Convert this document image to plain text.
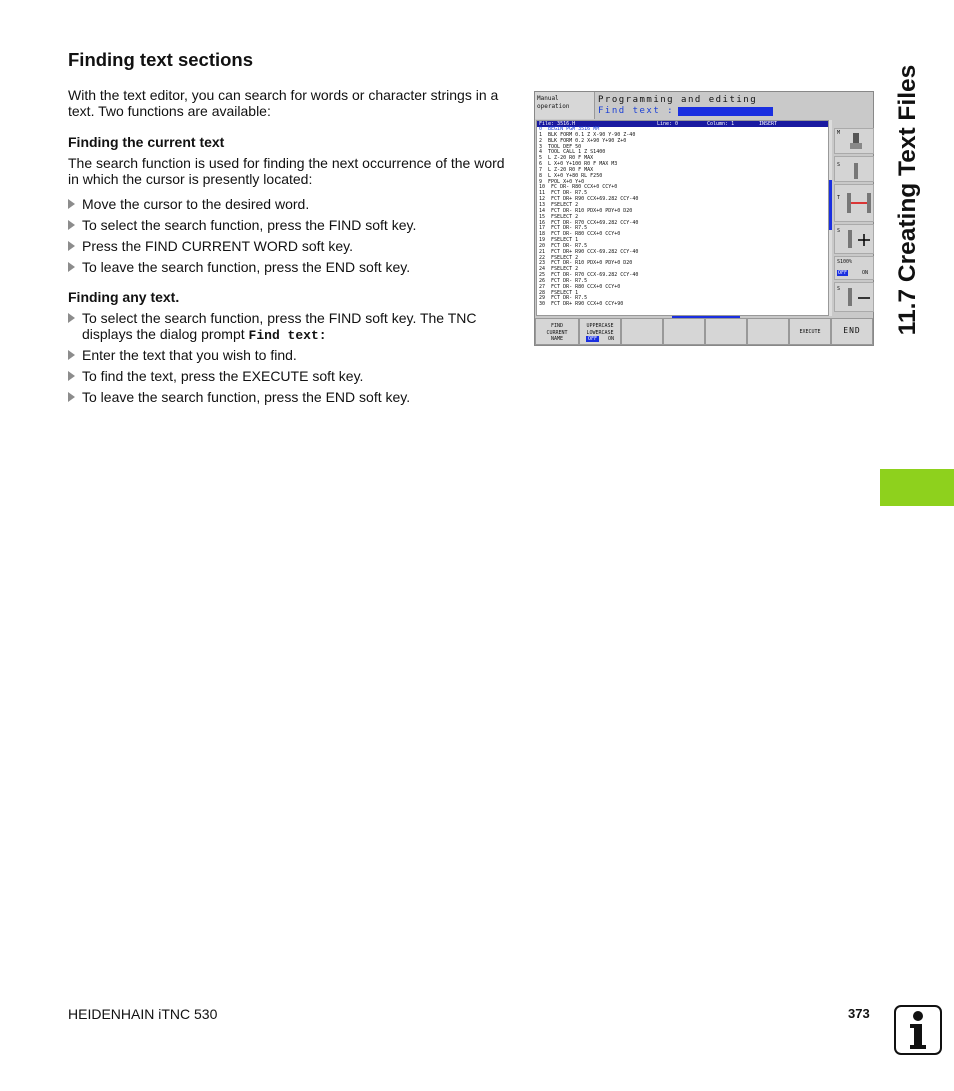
Finding text sections

With the text editor, you can search for words or character strings in a text. Two functions are available:

Finding the current text

The search function is used for finding the next occurrence of the word in which the cursor is presently located:

Move the cursor to the desired word.
To select the search function, press the FIND soft key.
Press the FIND CURRENT WORD soft key.
To leave the search function, press the END soft key.
Finding any text.
To select the search function, press the FIND soft key. The TNC displays the dialog prompt Find text:
Enter the text that you wish to find.
To find the text, press the EXECUTE soft key.
To leave the search function, press the END soft key.
Manual
operation
Programming and editing
Find text :
File: 3516.H	Line: 0	Column: 1	INSERT
0  BEGIN PGM 3516 MM
1  BLK FORM 0.1 Z X-90 Y-90 Z-40
2  BLK FORM 0.2 X+90 Y+90 Z+0
3  TOOL DEF 50
4  TOOL CALL 1 Z S1400
5  L Z-20 R0 F MAX
6  L X+0 Y+100 R0 F MAX M3
7  L Z-20 R0 F MAX
8  L X+0 Y+80 RL F250
9  FPOL X+0 Y+0
10  FC DR- R80 CCX+0 CCY+0
11  FCT DR- R7.5
12  FCT DR+ R90 CCX+69.282 CCY-40
13  FSELECT 2
14  FCT DR- R10 PDX+0 PDY+0 D20
15  FSELECT 2
16  FCT DR- R70 CCX+69.282 CCY-40
17  FCT DR- R7.5
18  FCT DR- R80 CCX+0 CCY+0
19  FSELECT 1
20  FCT DR- R7.5
21  FCT DR+ R90 CCX-69.282 CCY-40
22  FSELECT 2
23  FCT DR- R10 PDX+0 PDY+0 D20
24  FSELECT 2
25  FCT DR- R70 CCX-69.282 CCY-40
26  FCT DR- R7.5
27  FCT DR- R80 CCX+0 CCY+0
28  FSELECT 1
29  FCT DR- R7.5
30  FCT DR+ R90 CCX+0 CCY+90
M
S
T
S
S100%
OFF	ON
S
FIND
CURRENT
NAME
UPPERCASE
LOWERCASE
OFF ON
EXECUTE	END	11.7 Creating Text Files
HEIDENHAIN iTNC 530	373
